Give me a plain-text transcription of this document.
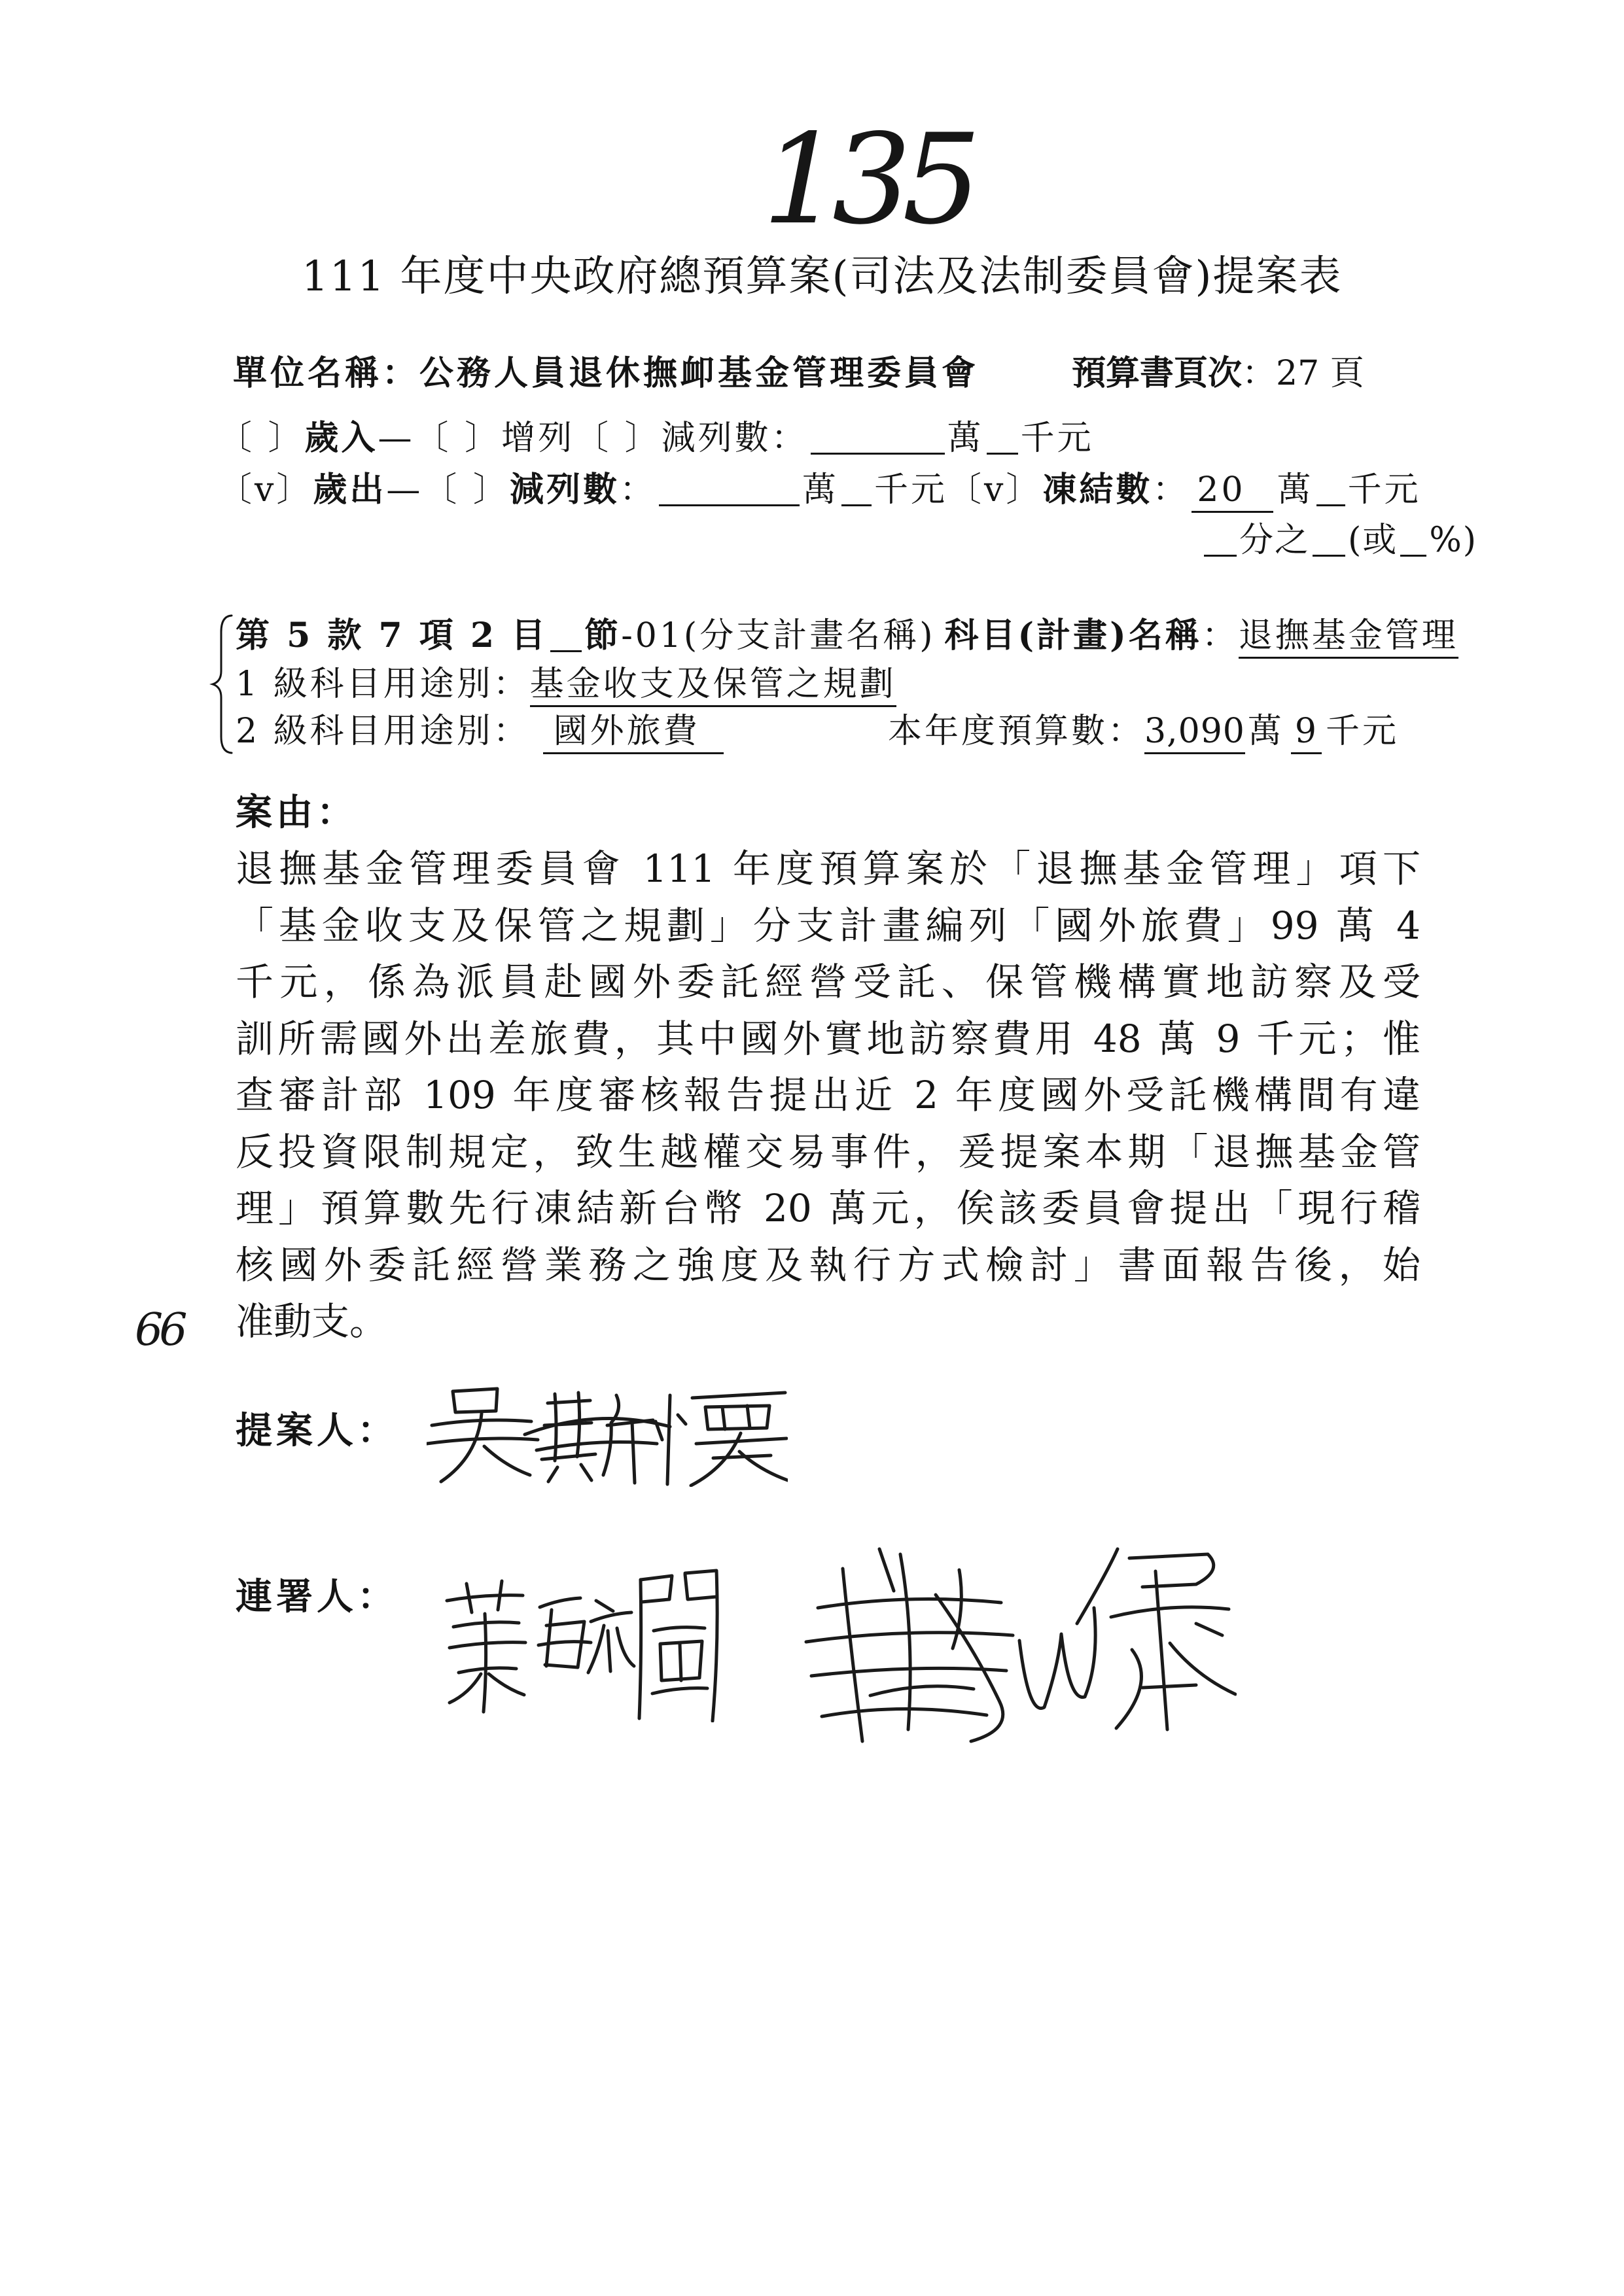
135
111 年度中央政府總預算案(司法及法制委員會)提案表
單位名稱：公務人員退休撫卹基金管理委員會	預算書頁次：27 頁
〔 〕歲入—〔 〕增列〔 〕減列數：	萬 千元
〔v〕歲出—〔 〕減列數：	萬 千元〔v〕凍結數： 20 萬 千元
分之 (或 %)
第 5 款 7 項 2 目 節-01(分支計畫名稱) 科目(計畫)名稱：退撫基金管理
1 級科目用途別：基金收支及保管之規劃
2 級科目用途別： 國外旅費	本年度預算數：3,090萬 9 千元
案由：
退撫基金管理委員會 111 年度預算案於「退撫基金管理」項下
「基金收支及保管之規劃」分支計畫編列「國外旅費」99 萬 4
千元，係為派員赴國外委託經營受託、保管機構實地訪察及受
訓所需國外出差旅費，其中國外實地訪察費用 48 萬 9 千元；惟
查審計部 109 年度審核報告提出近 2 年度國外受託機構間有違
反投資限制規定，致生越權交易事件，爰提案本期「退撫基金管
理」預算數先行凍結新台幣 20 萬元，俟該委員會提出「現行稽
核國外委託經營業務之強度及執行方式檢討」書面報告後，始
准動支。
66
提案人：
連署人：
